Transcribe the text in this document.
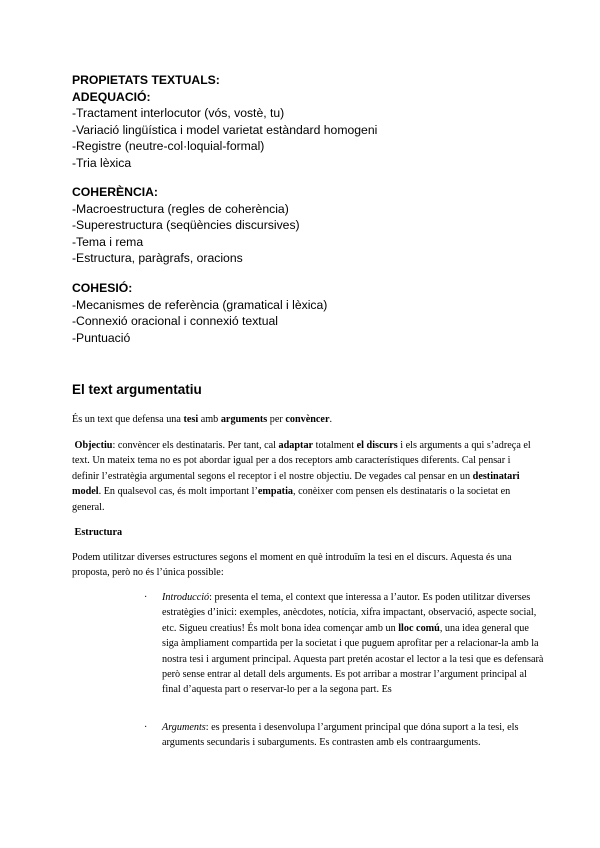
PROPIETATS TEXTUALS:
ADEQUACIÓ:
-Tractament interlocutor (vós, vostè, tu)
-Variació lingüística i model varietat estàndard homogeni
-Registre (neutre-col·loquial-formal)
-Tria lèxica
COHERÈNCIA:
-Macroestructura (regles de coherència)
-Superestructura (seqüències discursives)
-Tema i rema
-Estructura, paràgrafs, oracions
COHESIÓ:
-Mecanismes de referència (gramatical i lèxica)
-Connexió oracional i connexió textual
-Puntuació
El text argumentatiu
És un text que defensa una tesi amb arguments per convèncer.
Objectiu: convèncer els destinataris. Per tant, cal adaptar totalment el discurs i els arguments a qui s’adreça el text. Un mateix tema no es pot abordar igual per a dos receptors amb característiques diferents. Cal pensar i definir l’estratègia argumental segons el receptor i el nostre objectiu. De vegades cal pensar en un destinatari model. En qualsevol cas, és molt important l’empatia, conèixer com pensen els destinataris o la societat en general.
Estructura
Podem utilitzar diverses estructures segons el moment en què introduïm la tesi en el discurs. Aquesta és una proposta, però no és l’única possible:
· Introducció: presenta el tema, el context que interessa a l’autor. Es poden utilitzar diverses estratègies d’inici: exemples, anècdotes, notícia, xifra impactant, observació, aspecte social, etc. Sigueu creatius! És molt bona idea començar amb un lloc comú, una idea general que siga àmpliament compartida per la societat i que puguem aprofitar per a relacionar-la amb la nostra tesi i argument principal. Aquesta part pretén acostar el lector a la tesi que es defensarà però sense entrar al detall dels arguments. Es pot arribar a mostrar l’argument principal al final d’aquesta part o reservar-lo per a la segona part. Es
· Arguments: es presenta i desenvolupa l’argument principal que dóna suport a la tesi, els arguments secundaris i subarguments. Es contrasten amb els contraarguments.
